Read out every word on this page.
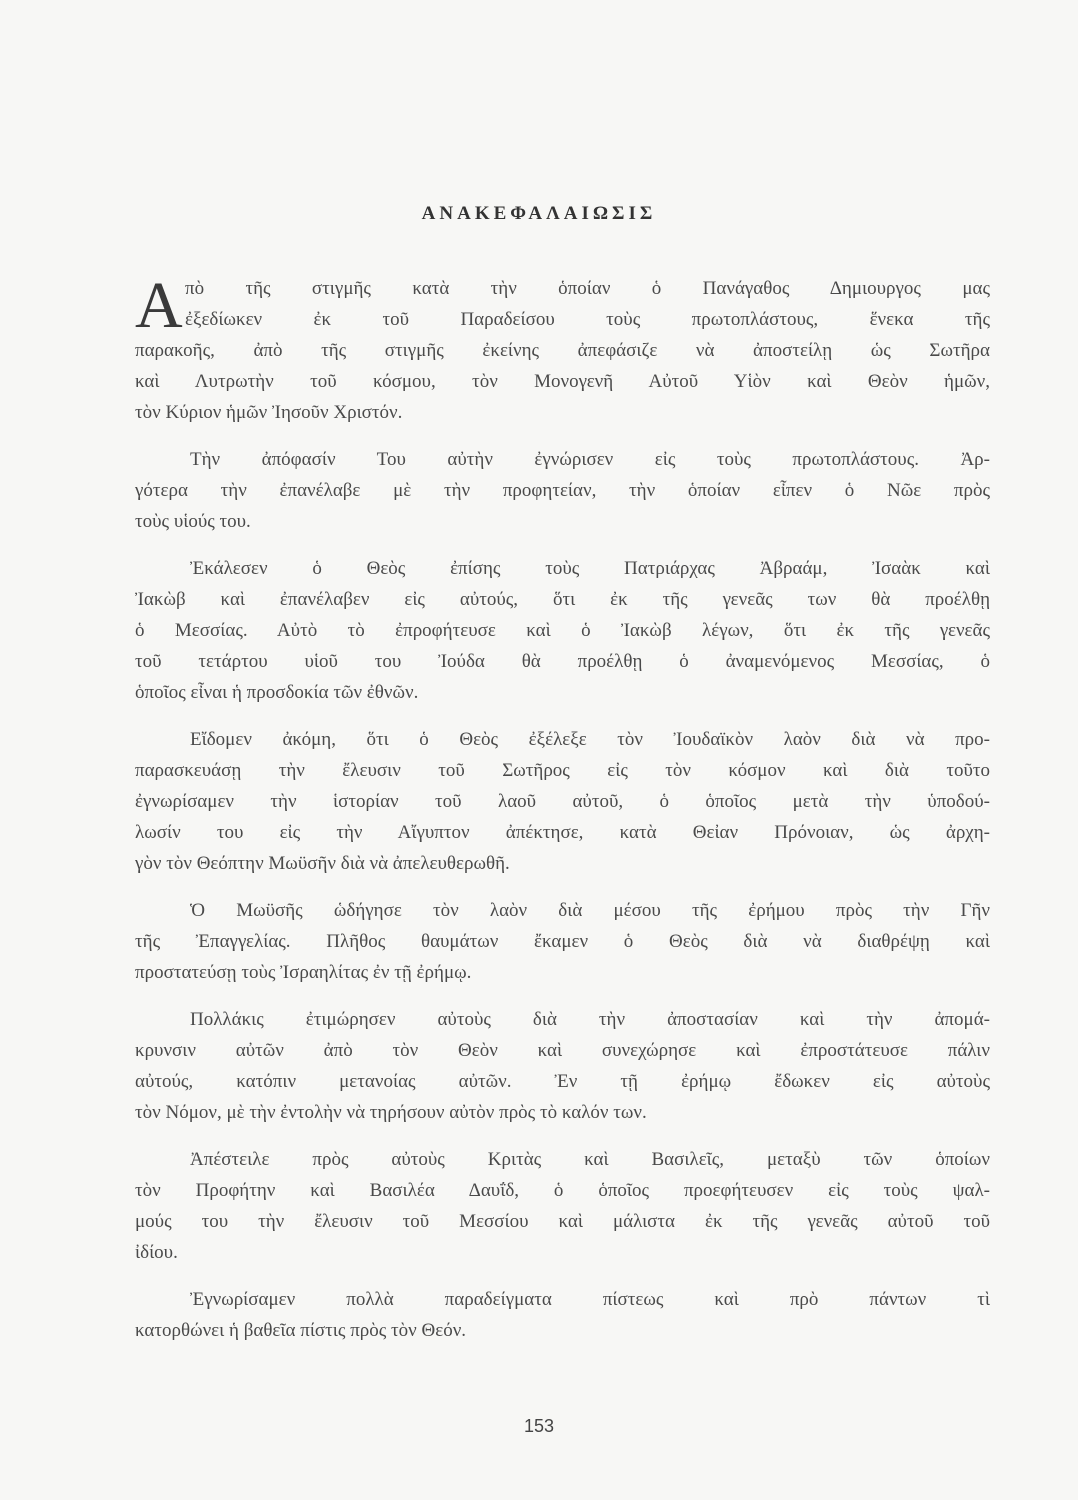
ΑΝΑΚΕΦΑΛΑΙΩΣΙΣ
Α πὸ τῆς στιγμῆς κατὰ τὴν ὁποίαν ὁ Πανάγαθος Δημιουργος μας
ἐξεδίωκεν ἐκ τοῦ Παραδείσου τοὺς πρωτοπλάστους, ἕνεκα τῆς
παρακοῆς, ἀπὸ τῆς στιγμῆς ἐκείνης ἀπεφάσιζε νὰ ἀποστείλῃ ὡς Σωτῆρα
καὶ Λυτρωτὴν τοῦ κόσμου, τὸν Μονογενῆ Αὐτοῦ Υἱὸν καὶ Θεὸν ἡμῶν,
τὸν Κύριον ἡμῶν Ἰησοῦν Χριστόν.
Τὴν ἀπόφασίν Του αὐτὴν ἐγνώρισεν εἰς τοὺς πρωτοπλάστους. Ἀρ-
γότερα τὴν ἐπανέλαβε μὲ τὴν προφητείαν, τὴν ὁποίαν εἶπεν ὁ Νῶε πρὸς
τοὺς υἱούς του.
Ἐκάλεσεν ὁ Θεὸς ἐπίσης τοὺς Πατριάρχας Ἀβραάμ, Ἰσαὰκ καὶ
Ἰακὼβ καὶ ἐπανέλαβεν εἰς αὐτούς, ὅτι ἐκ τῆς γενεᾶς των θὰ προέλθῃ
ὁ Μεσσίας. Αὐτὸ τὸ ἐπροφήτευσε καὶ ὁ Ἰακὼβ λέγων, ὅτι ἐκ τῆς γενεᾶς
τοῦ τετάρτου υἱοῦ του Ἰούδα θὰ προέλθῃ ὁ ἀναμενόμενος Μεσσίας, ὁ
ὁποῖος εἶναι ἡ προσδοκία τῶν ἐθνῶν.
Εἴδομεν ἀκόμη, ὅτι ὁ Θεὸς ἐξέλεξε τὸν Ἰουδαϊκὸν λαὸν διὰ νὰ προ-
παρασκευάσῃ τὴν ἔλευσιν τοῦ Σωτῆρος εἰς τὸν κόσμον καὶ διὰ τοῦτο
ἐγνωρίσαμεν τὴν ἱστορίαν τοῦ λαοῦ αὐτοῦ, ὁ ὁποῖος μετὰ τὴν ὑποδού-
λωσίν του εἰς τὴν Αἴγυπτον ἀπέκτησε, κατὰ Θεἰαν Πρόνοιαν, ὡς ἀρχη-
γὸν τὸν Θεόπτην Μωϋσῆν διὰ νὰ ἀπελευθερωθῆ.
Ὁ Μωϋσῆς ὡδήγησε τὸν λαὸν διὰ μέσου τῆς ἐρήμου πρὸς τὴν Γῆν
τῆς Ἐπαγγελίας. Πλῆθος θαυμάτων ἔκαμεν ὁ Θεὸς διὰ νὰ διαθρέψῃ καὶ
προστατεύσῃ τοὺς Ἰσραηλίτας ἐν τῇ ἐρήμῳ.
Πολλάκις ἐτιμώρησεν αὐτοὺς διὰ τὴν ἀποστασίαν καὶ τὴν ἀπομά-
κρυνσιν αὐτῶν ἀπὸ τὸν Θεὸν καὶ συνεχώρησε καὶ ἐπροστάτευσε πάλιν
αὐτούς, κατόπιν μετανοίας αὐτῶν. Ἐν τῇ ἐρήμῳ ἔδωκεν εἰς αὐτοὺς
τὸν Νόμον, μὲ τὴν ἐντολὴν νὰ τηρήσουν αὐτὸν πρὸς τὸ καλόν των.
Ἀπέστειλε πρὸς αὐτοὺς Κριτὰς καὶ Βασιλεῖς, μεταξὺ τῶν ὁποίων
τὸν Προφήτην καὶ Βασιλέα Δαυΐδ, ὁ ὁποῖος προεφήτευσεν εἰς τοὺς ψαλ-
μούς του τὴν ἔλευσιν τοῦ Μεσσίου καὶ μάλιστα ἐκ τῆς γενεᾶς αὐτοῦ τοῦ
ἰδίου.
Ἐγνωρίσαμεν πολλὰ παραδείγματα πίστεως καὶ πρὸ πάντων τὶ
κατορθώνει ἡ βαθεῖα πίστις πρὸς τὸν Θεόν.
153
